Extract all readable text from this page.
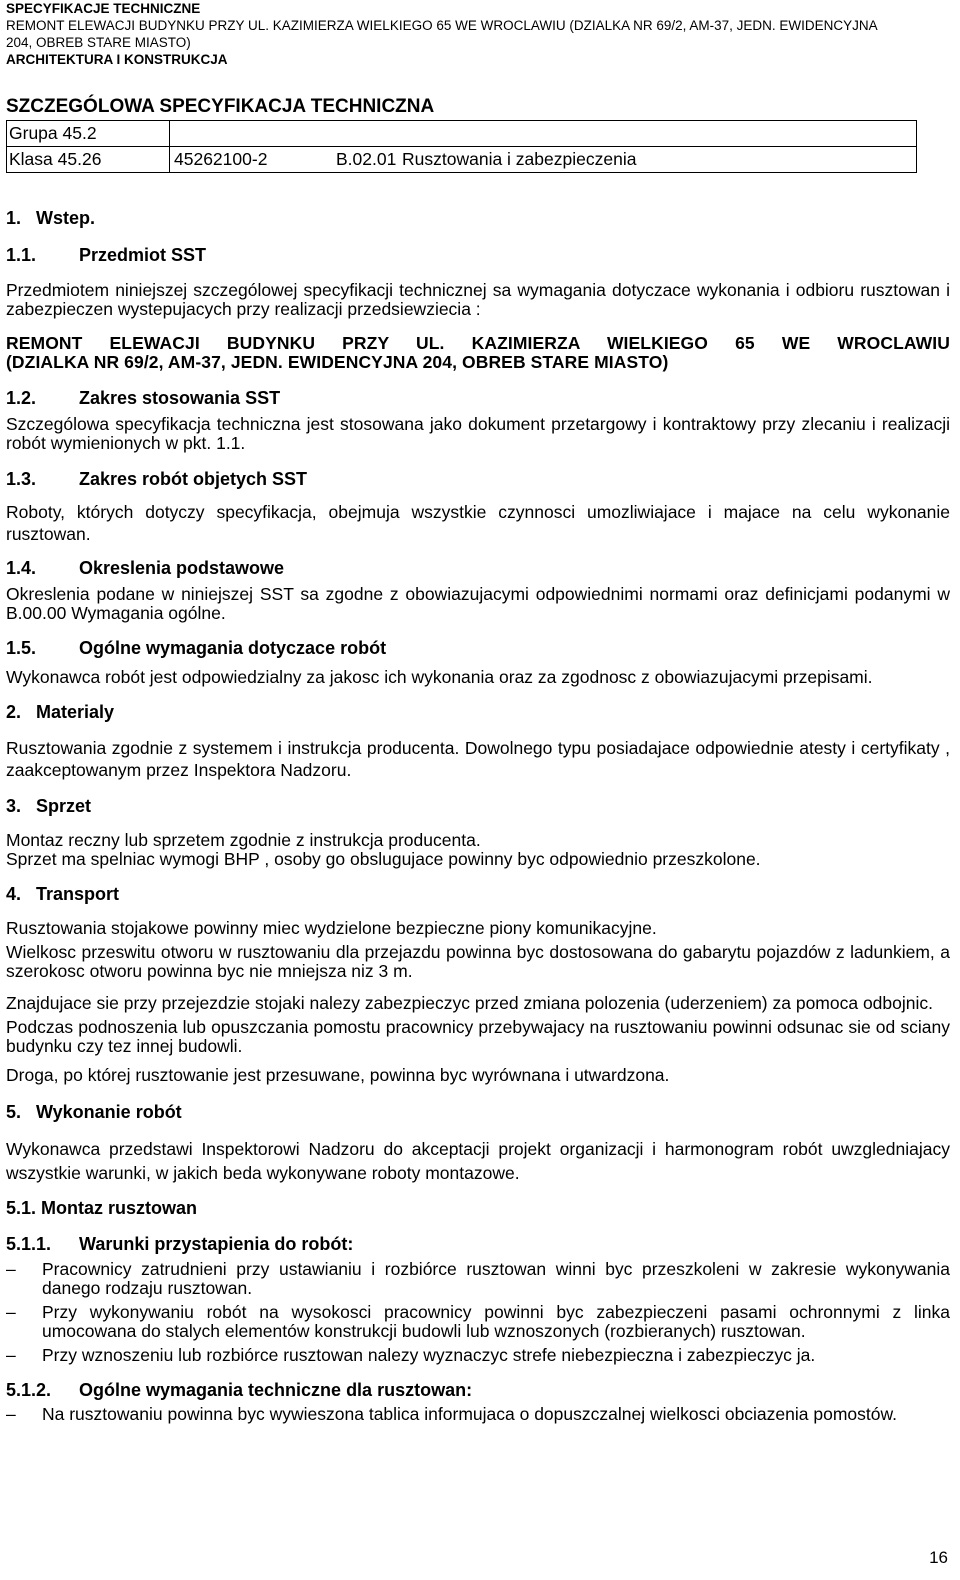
SPECYFIKACJE TECHNICZNE
REMONT ELEWACJI BUDYNKU PRZY UL. KAZIMIERZA WIELKIEGO 65 WE WROCLAWIU (DZIALKA NR 69/2, AM-37, JEDN. EWIDENCYJNA
204, OBREB STARE MIASTO)
ARCHITEKTURA I KONSTRUKCJA
SZCZEGÓLOWA SPECYFIKACJA TECHNICZNA
Grupa 45.2	
Klasa 45.26	45262100-2 B.02.01 Rusztowania i zabezpieczenia
1. Wstep.
1.1. Przedmiot SST
Przedmiotem niniejszej szczególowej specyfikacji technicznej sa wymagania dotyczace wykonania i odbioru rusztowan i zabezpieczen wystepujacych przy realizacji przedsiewziecia :
REMONT ELEWACJI BUDYNKU PRZY UL. KAZIMIERZA WIELKIEGO 65 WE WROCLAWIU
(DZIALKA NR 69/2, AM-37, JEDN. EWIDENCYJNA 204, OBREB STARE MIASTO)
1.2. Zakres stosowania SST
Szczególowa specyfikacja techniczna jest stosowana jako dokument przetargowy i kontraktowy przy zlecaniu i realizacji robót wymienionych w pkt. 1.1.
1.3. Zakres robót objetych SST
Roboty, których dotyczy specyfikacja, obejmuja wszystkie czynnosci umozliwiajace i majace na celu wykonanie rusztowan.
1.4. Okreslenia podstawowe
Okreslenia podane w niniejszej SST sa zgodne z obowiazujacymi odpowiednimi normami oraz definicjami podanymi w B.00.00 Wymagania ogólne.
1.5. Ogólne wymagania dotyczace robót
Wykonawca robót jest odpowiedzialny za jakosc ich wykonania oraz za zgodnosc z obowiazujacymi przepisami.
2. Materialy
Rusztowania zgodnie z systemem i instrukcja producenta. Dowolnego typu posiadajace odpowiednie atesty i certyfikaty , zaakceptowanym przez Inspektora Nadzoru.
3. Sprzet
Montaz reczny lub sprzetem zgodnie z instrukcja producenta.
Sprzet ma spelniac wymogi BHP , osoby go obslugujace powinny byc odpowiednio przeszkolone.
4. Transport
Rusztowania stojakowe powinny miec wydzielone bezpieczne piony komunikacyjne.
Wielkosc przeswitu otworu w rusztowaniu dla przejazdu powinna byc dostosowana do gabarytu pojazdów z ladunkiem, a szerokosc otworu powinna byc nie mniejsza niz 3 m.
Znajdujace sie przy przejezdzie stojaki nalezy zabezpieczyc przed zmiana polozenia (uderzeniem) za pomoca odbojnic.
Podczas podnoszenia lub opuszczania pomostu pracownicy przebywajacy na rusztowaniu powinni odsunac sie od sciany budynku czy tez innej budowli.
Droga, po której rusztowanie jest przesuwane, powinna byc wyrównana i utwardzona.
5. Wykonanie robót
Wykonawca przedstawi Inspektorowi Nadzoru do akceptacji projekt organizacji i harmonogram robót uwzgledniajacy wszystkie warunki, w jakich beda wykonywane roboty montazowe.
5.1. Montaz rusztowan
5.1.1. Warunki przystapienia do robót:
– Pracownicy zatrudnieni przy ustawianiu i rozbiórce rusztowan winni byc przeszkoleni w zakresie wykonywania danego rodzaju rusztowan.
– Przy wykonywaniu robót na wysokosci pracownicy powinni byc zabezpieczeni pasami ochronnymi z linka umocowana do stalych elementów konstrukcji budowli lub wznoszonych (rozbieranych) rusztowan.
– Przy wznoszeniu lub rozbiórce rusztowan nalezy wyznaczyc strefe niebezpieczna i zabezpieczyc ja.
5.1.2. Ogólne wymagania techniczne dla rusztowan:
– Na rusztowaniu powinna byc wywieszona tablica informujaca o dopuszczalnej wielkosci obciazenia pomostów.
16
